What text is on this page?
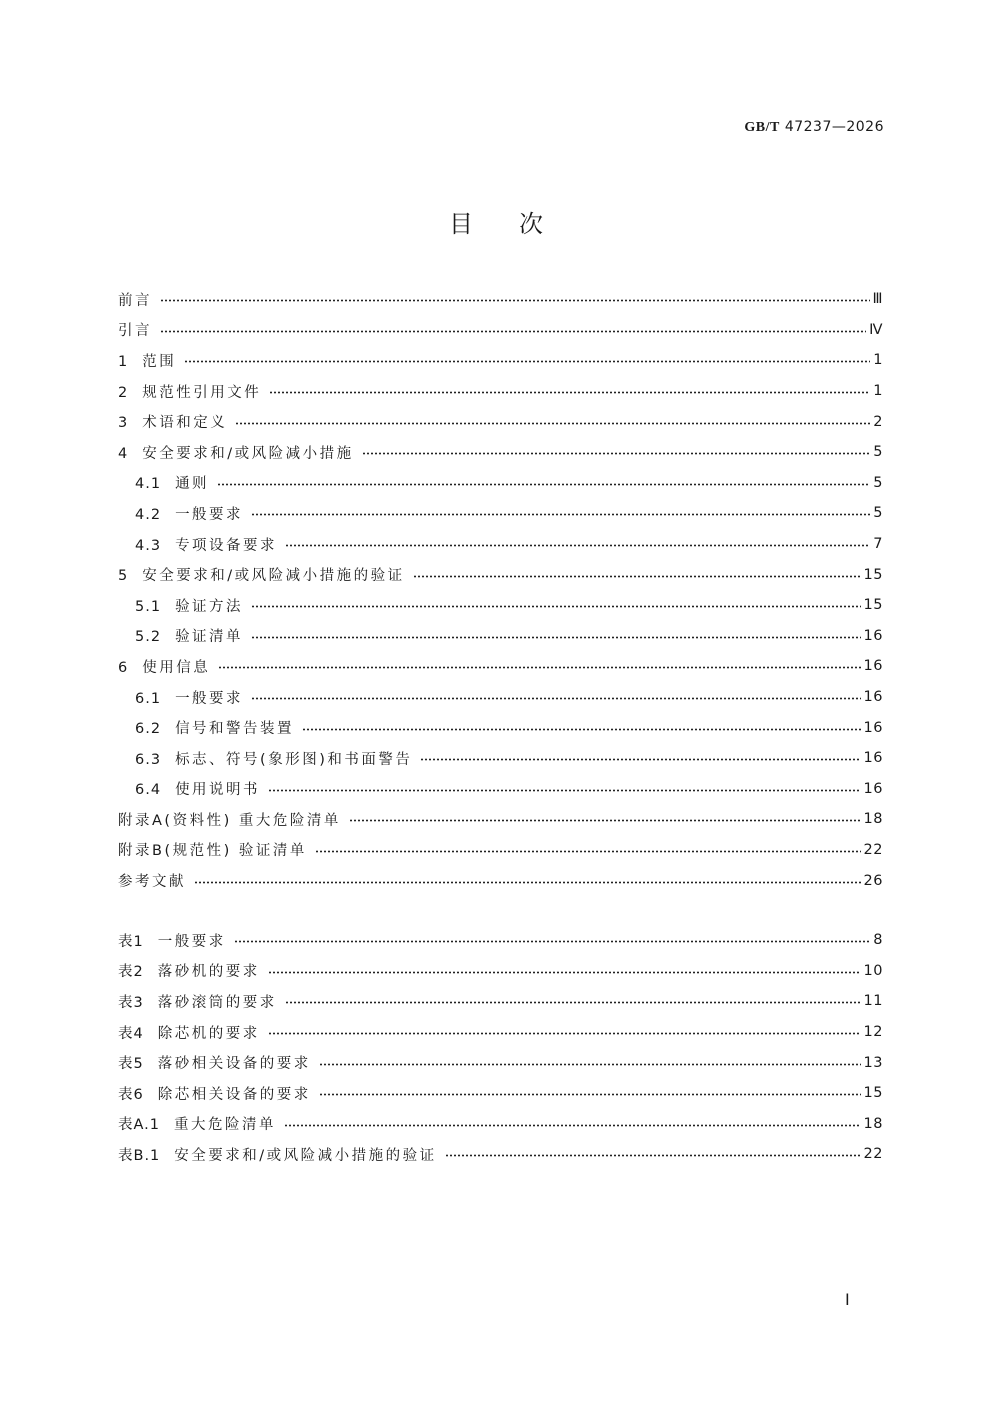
GB/T 47237—2026
目次
前言	Ⅲ
引言	Ⅳ
1 范围	1
2 规范性引用文件	1
3 术语和定义	2
4 安全要求和/或风险减小措施	5
4.1 通则	5
4.2 一般要求	5
4.3 专项设备要求	7
5 安全要求和/或风险减小措施的验证	15
5.1 验证方法	15
5.2 验证清单	16
6 使用信息	16
6.1 一般要求	16
6.2 信号和警告装置	16
6.3 标志、符号(象形图)和书面警告	16
6.4 使用说明书	16
附录A(资料性) 重大危险清单	18
附录B(规范性) 验证清单	22
参考文献	26
表1 一般要求	8
表2 落砂机的要求	10
表3 落砂滚筒的要求	11
表4 除芯机的要求	12
表5 落砂相关设备的要求	13
表6 除芯相关设备的要求	15
表A.1 重大危险清单	18
表B.1 安全要求和/或风险减小措施的验证	22
Ⅰ
